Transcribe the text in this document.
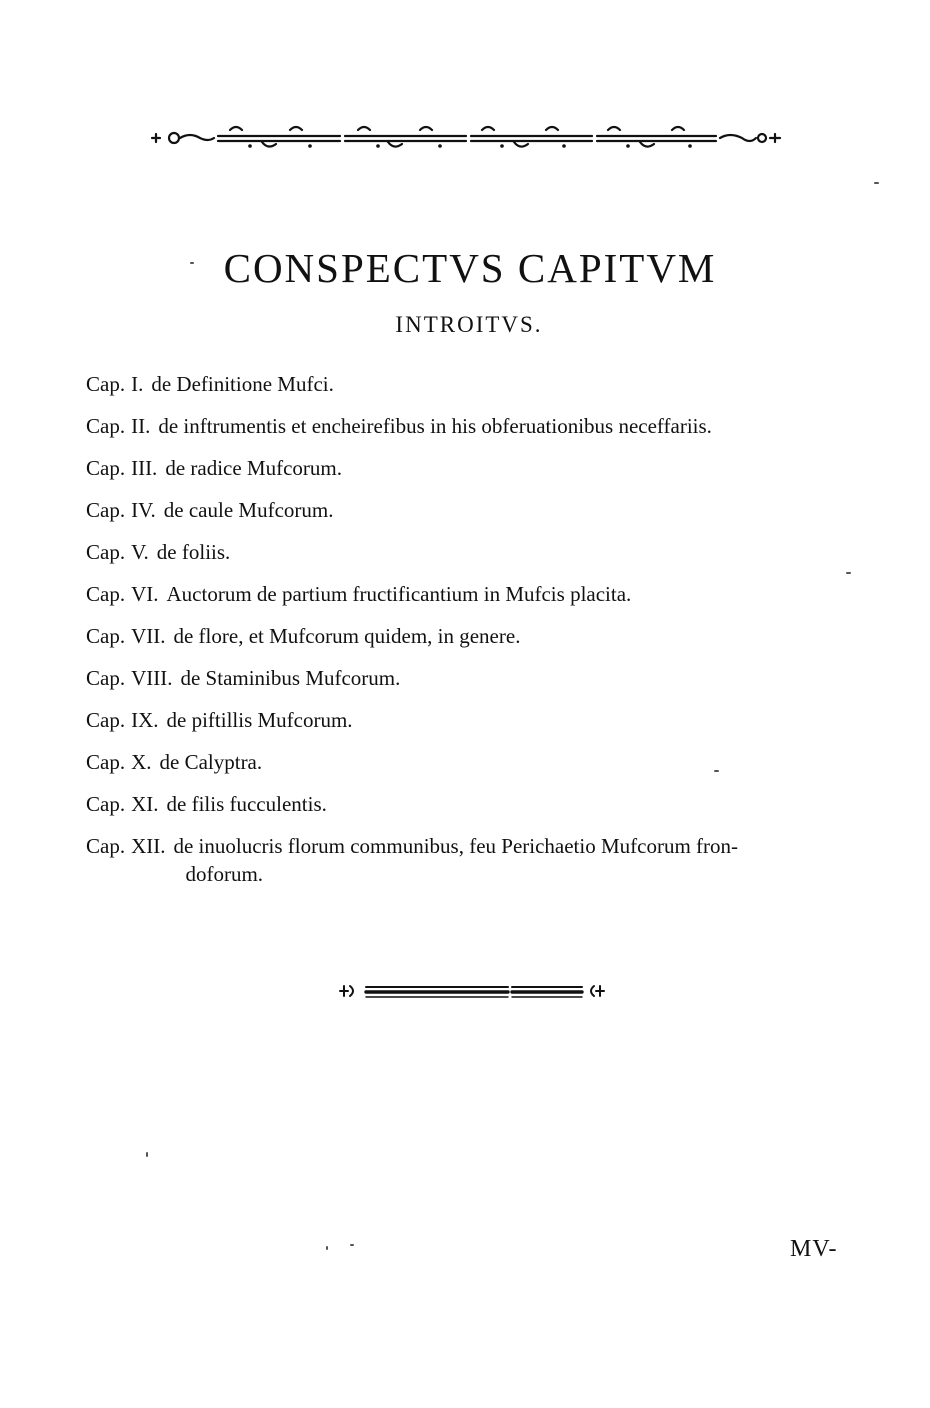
CONSPECTVS CAPITVM
INTROITVS.
Cap. I. de Definitione Mufci.
Cap. II. de inftrumentis et encheirefibus in his obferuationibus neceffariis.
Cap. III. de radice Mufcorum.
Cap. IV. de caule Mufcorum.
Cap. V. de foliis.
Cap. VI. Auctorum de partium fructificantium in Mufcis placita.
Cap. VII. de flore, et Mufcorum quidem, in genere.
Cap. VIII. de Staminibus Mufcorum.
Cap. IX. de piftillis Mufcorum.
Cap. X. de Calyptra.
Cap. XI. de filis fucculentis.
Cap. XII. de inuolucris florum communibus, feu Perichaetio Mufcorum fron-
doforum.
MV-
